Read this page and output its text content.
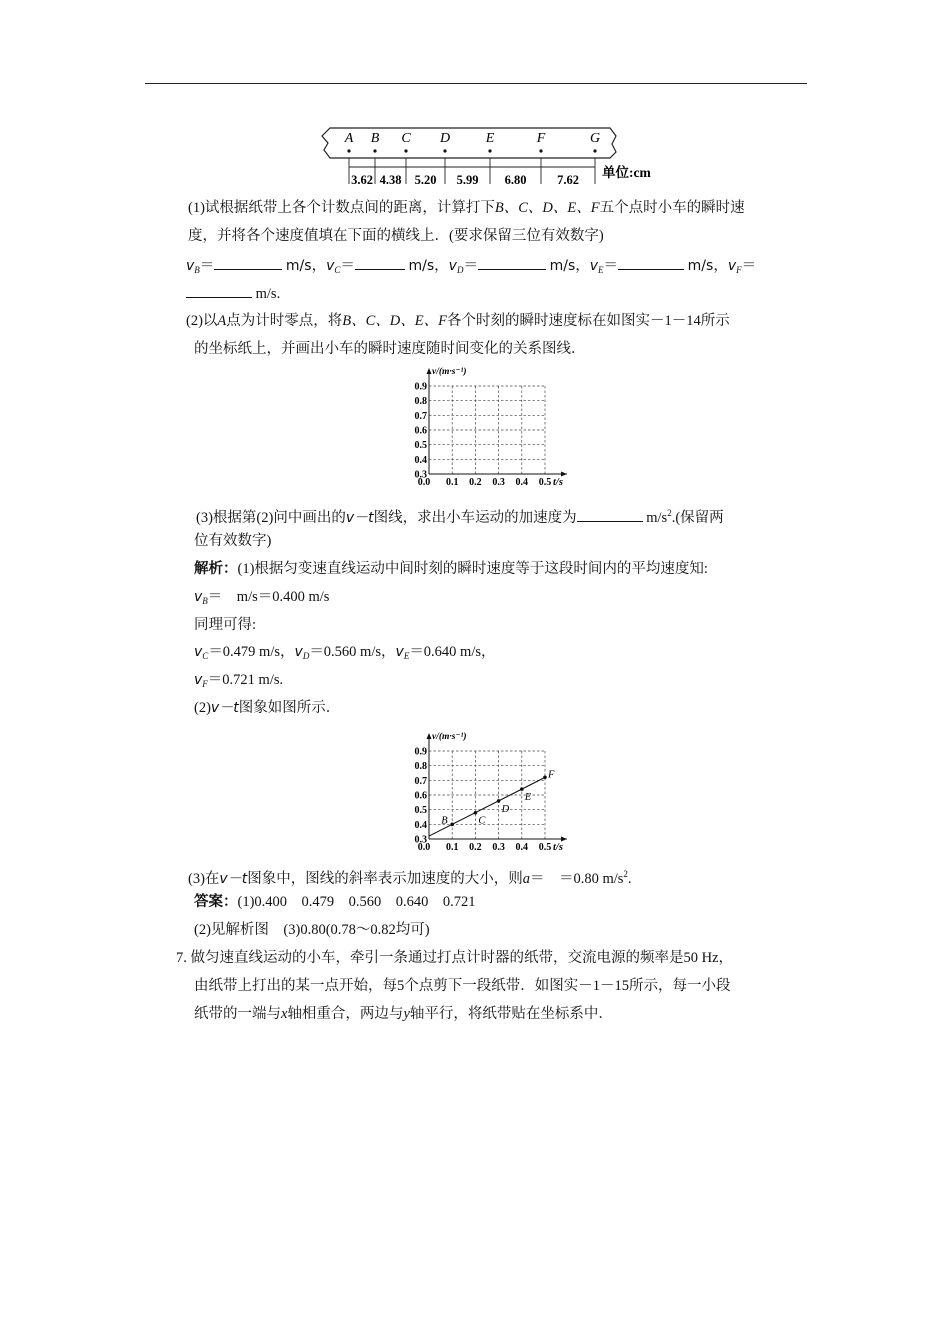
A B C D	E	F	G
3.62 4.38 5.20 5.99 6.80 7.62 单位:cm
(1)试根据纸带上各个计数点间的距离，计算打下B、C、D、E、F五个点时小车的瞬时速
度，并将各个速度值填在下面的横线上．(要求保留三位有效数字)
$v_B=$	m/s，$v_C=$	m/s，$v_D=$	m/s，$v_E=$	m/s，$v_F=$
m/s.
(2)以A点为计时零点，将B、C、D、E、F各个时刻的瞬时速度标在如图实－1－14所示
的坐标纸上，并画出小车的瞬时速度随时间变化的关系图线．
0.3
0.4
0.5
0.6
0.7
0.8
0.9
0.0 0.1 0.2 0.3 0.4 0.5
v/(m·s⁻¹)
t/s
(3)根据第(2)问中画出的v－t图线，求出小车运动的加速度为	$m/s^2$.(保留两
位有效数字)
解析：(1)根据匀变速直线运动中间时刻的瞬时速度等于这段时间内的平均速度知:
$v_B=$　m/s＝0.400 m/s
同理可得:
$v_C=0.479$ m/s，$v_D=0.560$ m/s，$v_E=0.640$ m/s，
$v_F=0.721$ m/s.
(2)v－t图象如图所示．
0.3
0.4
0.5
0.6
0.7
0.8
0.9
0.0 0.1 0.2 0.3 0.4 0.5
v/(m·s⁻¹)
t/s
B	C
D
E
F
(3)在v－t图象中，图线的斜率表示加速度的大小，则a＝　＝0.80 $m/s^2$.
答案：(1)0.400　0.479　0.560　0.640　0.721
(2)见解析图　(3)0.80(0.78～0.82均可)
7. 做匀速直线运动的小车，牵引一条通过打点计时器的纸带，交流电源的频率是50 Hz，
由纸带上打出的某一点开始，每5个点剪下一段纸带．如图实－1－15所示，每一小段
纸带的一端与x轴相重合，两边与y轴平行，将纸带贴在坐标系中．
